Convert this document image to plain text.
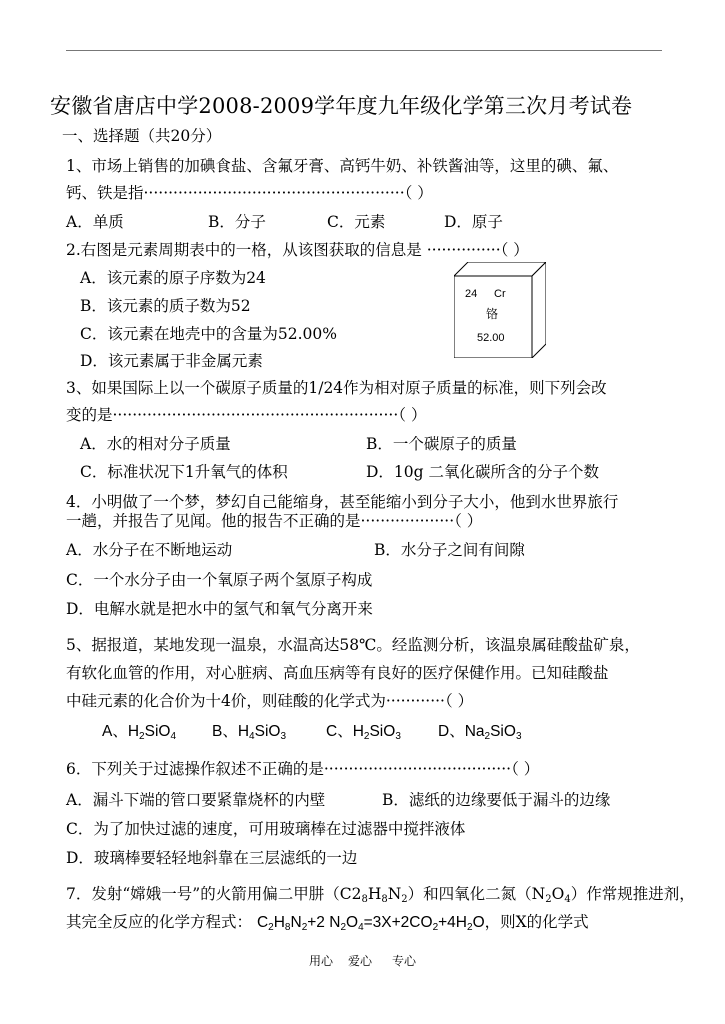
安徽省唐店中学2008-2009学年度九年级化学第三次月考试卷
一、选择题（共20分）
1、市场上销售的加碘食盐、含氟牙膏、高钙牛奶、补铁酱油等，这里的碘、氟、
钙、铁是指·····················································（ ）
A．单质	B．分子	C．元素	D．原子
2.右图是元素周期表中的一格，从该图获取的信息是 ···············（ ）
A．该元素的原子序数为24
B．该元素的质子数为52
C．该元素在地壳中的含量为52.00%
D．该元素属于非金属元素
24 Cr
铬
52.00
3、如果国际上以一个碳原子质量的1/24作为相对原子质量的标准，则下列会改
变的是··························································（ ）
A．水的相对分子质量	B．一个碳原子的质量
C．标准状况下1升氧气的体积	D．10g 二氧化碳所含的分子个数
4．小明做了一个梦，梦幻自己能缩身，甚至能缩小到分子大小，他到水世界旅行
一趟，并报告了见闻。他的报告不正确的是···················（ ）
A．水分子在不断地运动	B．水分子之间有间隙
C．一个水分子由一个氧原子两个氢原子构成
D．电解水就是把水中的氢气和氧气分离开来
5、据报道，某地发现一温泉，水温高达58℃。经监测分析，该温泉属硅酸盐矿泉，
有软化血管的作用，对心脏病、高血压病等有良好的医疗保健作用。已知硅酸盐
中硅元素的化合价为十4价，则硅酸的化学式为············（ ）
A、$H_2SiO_4$ B、$H_4SiO_3$	C、$H_2SiO_3$ D、$Na_2SiO_3$
6．下列关于过滤操作叙述不正确的是······································（ ）
A．漏斗下端的管口要紧靠烧杯的内壁	B．滤纸的边缘要低于漏斗的边缘
C．为了加快过滤的速度，可用玻璃棒在过滤器中搅拌液体
D．玻璃棒要轻轻地斜靠在三层滤纸的一边
7．发射“嫦娥一号”的火箭用偏二甲肼$(C2_8H_8N_2)$和四氧化二氮$(N_2O_4)$作常规推进剂，
其完全反应的化学方程式： $C_2H_8N_2+2$ $N_2O_4=3X+2CO_2+4H_2O$，则X的化学式
用心 爱心 专心
